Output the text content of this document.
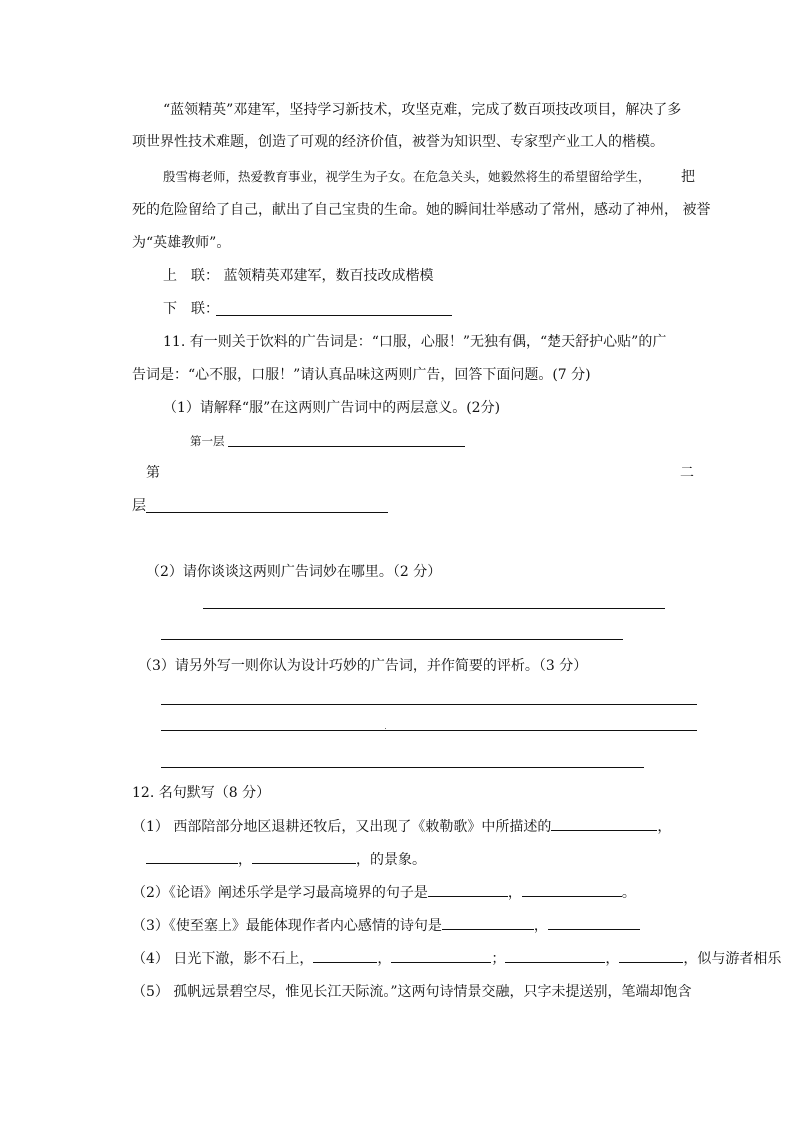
“蓝领精英”邓建军，坚持学习新技术，攻坚克难，完成了数百项技改项目，解决了多
项世界性技术难题，创造了可观的经济价值，被誉为知识型、专家型产业工人的楷模。
殷雪梅老师，热爱教育事业，视学生为子女。在危急关头，她毅然将生的希望留给学生， 把
死的危险留给了自己，献出了自己宝贵的生命。她的瞬间壮举感动了常州，感动了神州， 被誉
为“英雄教师”。
上　联： 蓝领精英邓建军，数百技改成楷模
下　联：
11. 有一则关于饮料的广告词是：“口服，心服！”无独有偶，“楚天舒护心贴”的广
告词是：“心不服，口服！”请认真品味这两则广告，回答下面问题。(7 分)
（1）请解释“服”在这两则广告词中的两层意义。(2分)
第一层
第	二
层
（2）请你谈谈这两则广告词妙在哪里。（2 分）
（3）请另外写一则你认为设计巧妙的广告词，并作简要的评析。（3 分）
12. 名句默写（8 分）
（1） 西部陪部分地区退耕还牧后，又出现了《敕勒歌》中所描述的	，
，	，的景象。
（2）《论语》阐述乐学是学习最高境界的句子是	，	。
（3）《使至塞上》最能体现作者内心感情的诗句是	，
（4） 日光下澈，影不石上，	，	；	，	，似与游者相乐
（5） 孤帆远景碧空尽，惟见长江天际流。”这两句诗情景交融，只字未提送别，笔端却饱含
